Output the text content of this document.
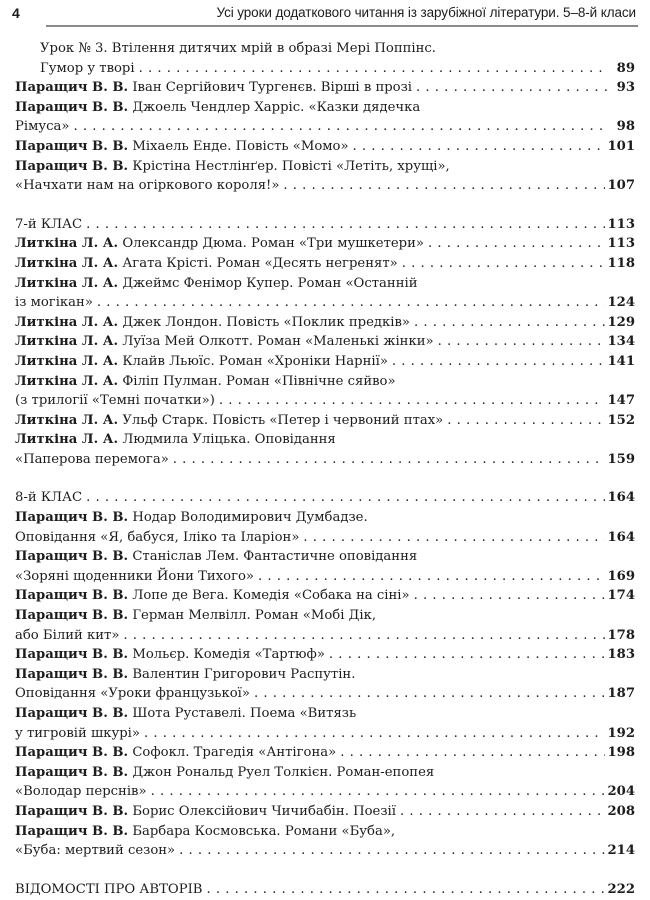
4	Усі уроки додаткового читання із зарубіжної літератури. 5–8-й класи
Урок № 3. Втілення дитячих мрій в образі Мері Поппінс.
Гумор у творі . . .	89
Паращич В. В. Іван Сергійович Тургенєв. Вірші в прозі . . .	93
Паращич В. В. Джоель Чендлер Харріс. «Казки дядечка
Рімуса» . . .	98
Паращич В. В. Міхаель Енде. Повість «Момо» . . .	101
Паращич В. В. Крістіна Нестлінґер. Повісті «Летіть, хрущі»,
«Начхати нам на огіркового короля!» . . .	107
7-й КЛАС . . .	113
Литкіна Л. А. Олександр Дюма. Роман «Три мушкетери» . . .	113
Литкіна Л. А. Агата Крісті. Роман «Десять негренят» . . .	118
Литкіна Л. А. Джеймс Фенімор Купер. Роман «Останній
із могікан» . . .	124
Литкіна Л. А. Джек Лондон. Повість «Поклик предків» . . .	129
Литкіна Л. А. Луїза Мей Олкотт. Роман «Маленькі жінки» . . .	134
Литкіна Л. А. Клайв Льюїс. Роман «Хроніки Нарнії» . . .	141
Литкіна Л. А. Філіп Пулман. Роман «Північне сяйво»
(з трилогії «Темні початки») . . .	147
Литкіна Л. А. Ульф Старк. Повість «Петер і червоний птах» . . .	152
Литкіна Л. А. Людмила Уліцька. Оповідання
«Паперова перемога» . . .	159
8-й КЛАС . . .	164
Паращич В. В. Нодар Володимирович Думбадзе.
Оповідання «Я, бабуся, Іліко та Іларіон» . . .	164
Паращич В. В. Станіслав Лем. Фантастичне оповідання
«Зоряні щоденники Йони Тихого» . . .	169
Паращич В. В. Лопе де Вега. Комедія «Собака на сіні» . . .	174
Паращич В. В. Герман Мелвілл. Роман «Мобі Дік,
або Білий кит» . . .	178
Паращич В. В. Мольєр. Комедія «Тартюф» . . .	183
Паращич В. В. Валентин Григорович Распутін.
Оповідання «Уроки французької» . . .	187
Паращич В. В. Шота Руставелі. Поема «Витязь
у тигровій шкурі» . . .	192
Паращич В. В. Софокл. Трагедія «Антігона» . . .	198
Паращич В. В. Джон Рональд Руел Толкієн. Роман-епопея
«Володар перснів» . . .	204
Паращич В. В. Борис Олексійович Чичибабін. Поезії . . .	208
Паращич В. В. Барбара Космовська. Романи «Буба»,
«Буба: мертвий сезон» . . .	214
ВІДОМОСТІ ПРО АВТОРІВ . . .	222
